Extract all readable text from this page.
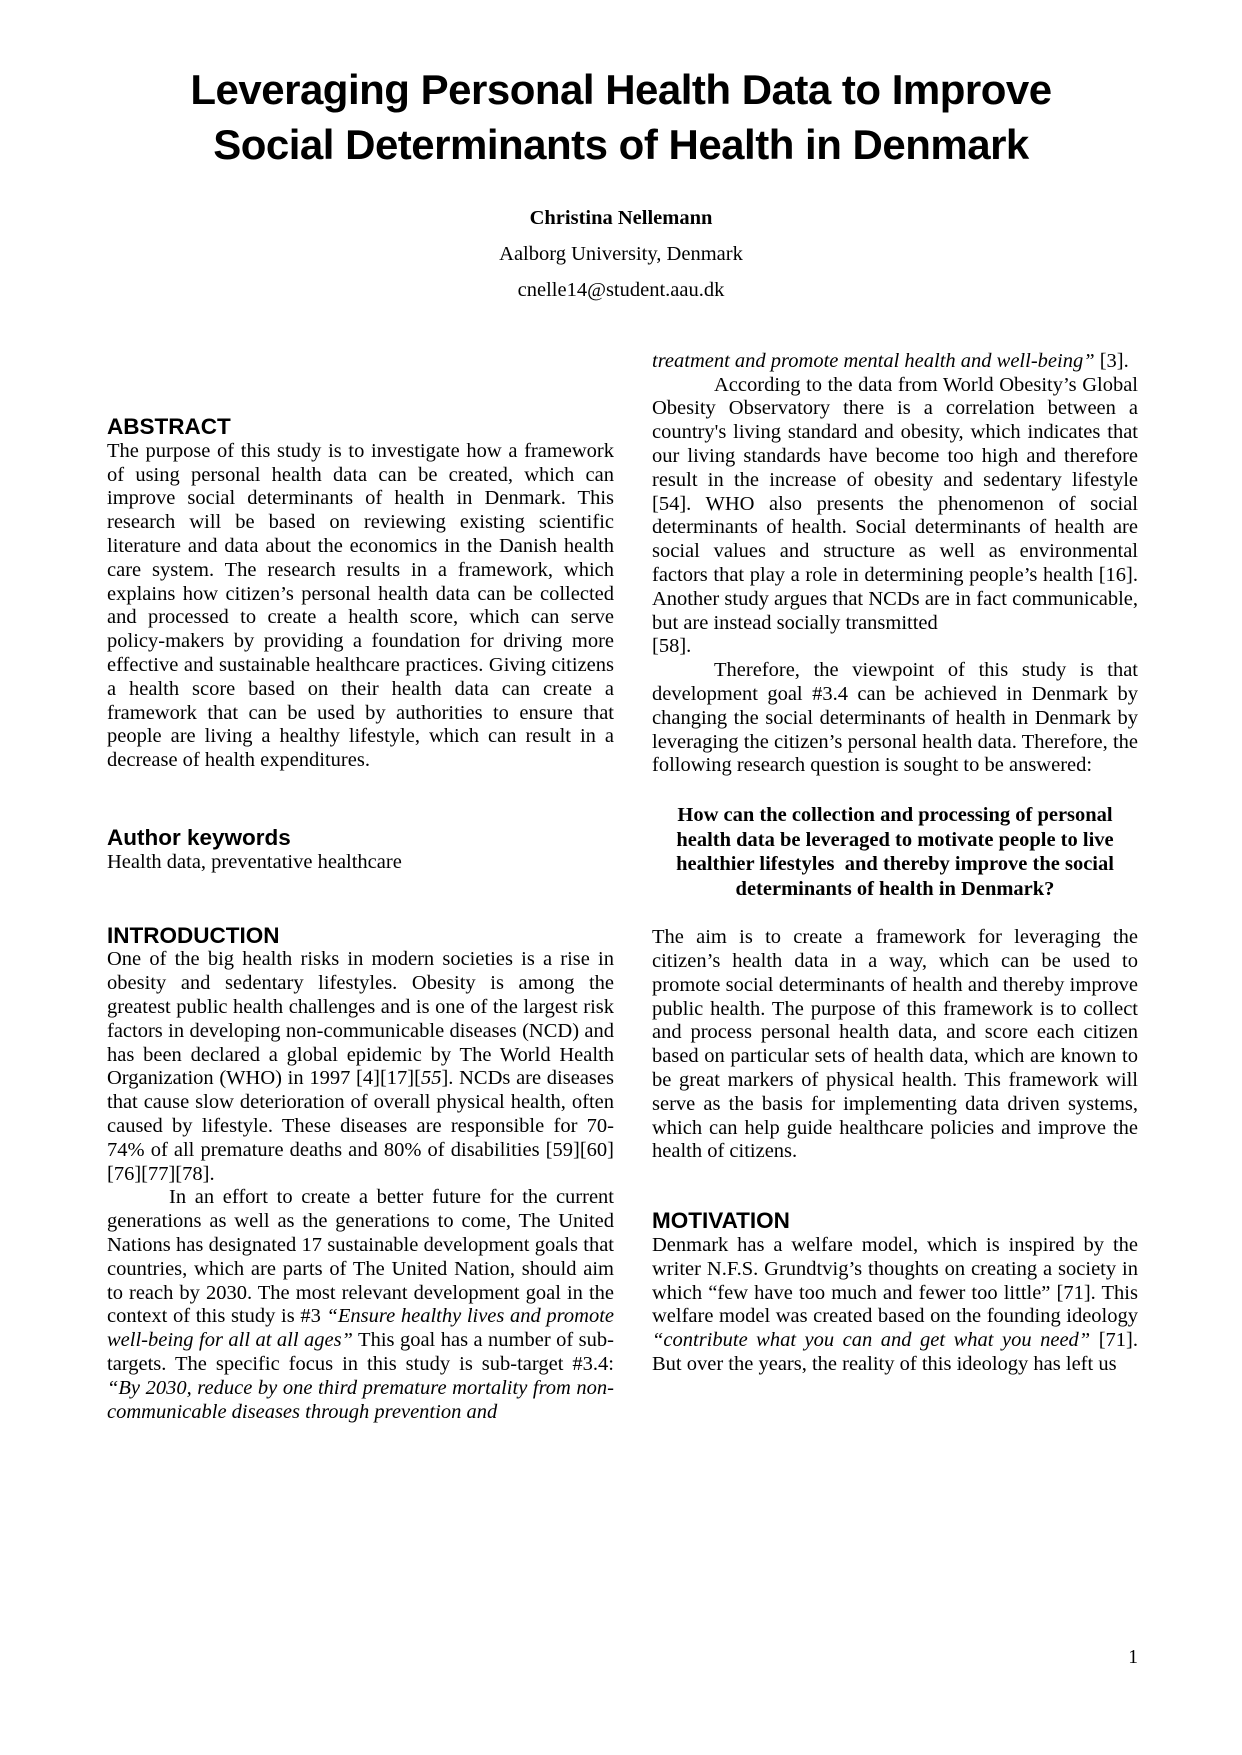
Leveraging Personal Health Data to Improve Social Determinants of Health in Denmark
Christina Nellemann
Aalborg University, Denmark
cnelle14@student.aau.dk
ABSTRACT

The purpose of this study is to investigate how a framework of using personal health data can be created, which can improve social determinants of health in Denmark. This research will be based on reviewing existing scientific literature and data about the economics in the Danish health care system. The research results in a framework, which explains how citizen’s personal health data can be collected and processed to create a health score, which can serve policy-makers by providing a foundation for driving more effective and sustainable healthcare practices. Giving citizens a health score based on their health data can create a framework that can be used by authorities to ensure that people are living a healthy lifestyle, which can result in a decrease of health expenditures.

Author keywords

Health data, preventative healthcare

INTRODUCTION

One of the big health risks in modern societies is a rise in obesity and sedentary lifestyles. Obesity is among the greatest public health challenges and is one of the largest risk factors in developing non-communicable diseases (NCD) and has been declared a global epidemic by The World Health Organization (WHO) in 1997 [4][17][55]. NCDs are diseases that cause slow deterioration of overall physical health, often caused by lifestyle. These diseases are responsible for 70-74% of all premature deaths and 80% of disabilities [59][60][76][77][78].

In an effort to create a better future for the current generations as well as the generations to come, The United Nations has designated 17 sustainable development goals that countries, which are parts of The United Nation, should aim to reach by 2030. The most relevant development goal in the context of this study is #3 “Ensure healthy lives and promote well-being for all at all ages” This goal has a number of sub-targets. The specific focus in this study is sub-target #3.4: “By 2030, reduce by one third premature mortality from non-communicable diseases through prevention and

treatment and promote mental health and well-being” [3].

According to the data from World Obesity’s Global Obesity Observatory there is a correlation between a country's living standard and obesity, which indicates that our living standards have become too high and therefore result in the increase of obesity and sedentary lifestyle [54]. WHO also presents the phenomenon of social determinants of health. Social determinants of health are social values and structure as well as environmental factors that play a role in determining people’s health [16]. Another study argues that NCDs are in fact communicable, but are instead socially transmitted
[58].

Therefore, the viewpoint of this study is that development goal #3.4 can be achieved in Denmark by changing the social determinants of health in Denmark by leveraging the citizen’s personal health data. Therefore, the following research question is sought to be answered:

How can the collection and processing of personal health data be leveraged to motivate people to live healthier lifestyles  and thereby improve the social determinants of health in Denmark?

The aim is to create a framework for leveraging the citizen’s health data in a way, which can be used to promote social determinants of health and thereby improve public health. The purpose of this framework is to collect and process personal health data, and score each citizen based on particular sets of health data, which are known to be great markers of physical health. This framework will serve as the basis for implementing data driven systems, which can help guide healthcare policies and improve the health of citizens.

MOTIVATION

Denmark has a welfare model, which is inspired by the writer N.F.S. Grundtvig’s thoughts on creating a society in which “few have too much and fewer too little” [71]. This welfare model was created based on the founding ideology “contribute what you can and get what you need” [71]. But over the years, the reality of this ideology has left us

1
